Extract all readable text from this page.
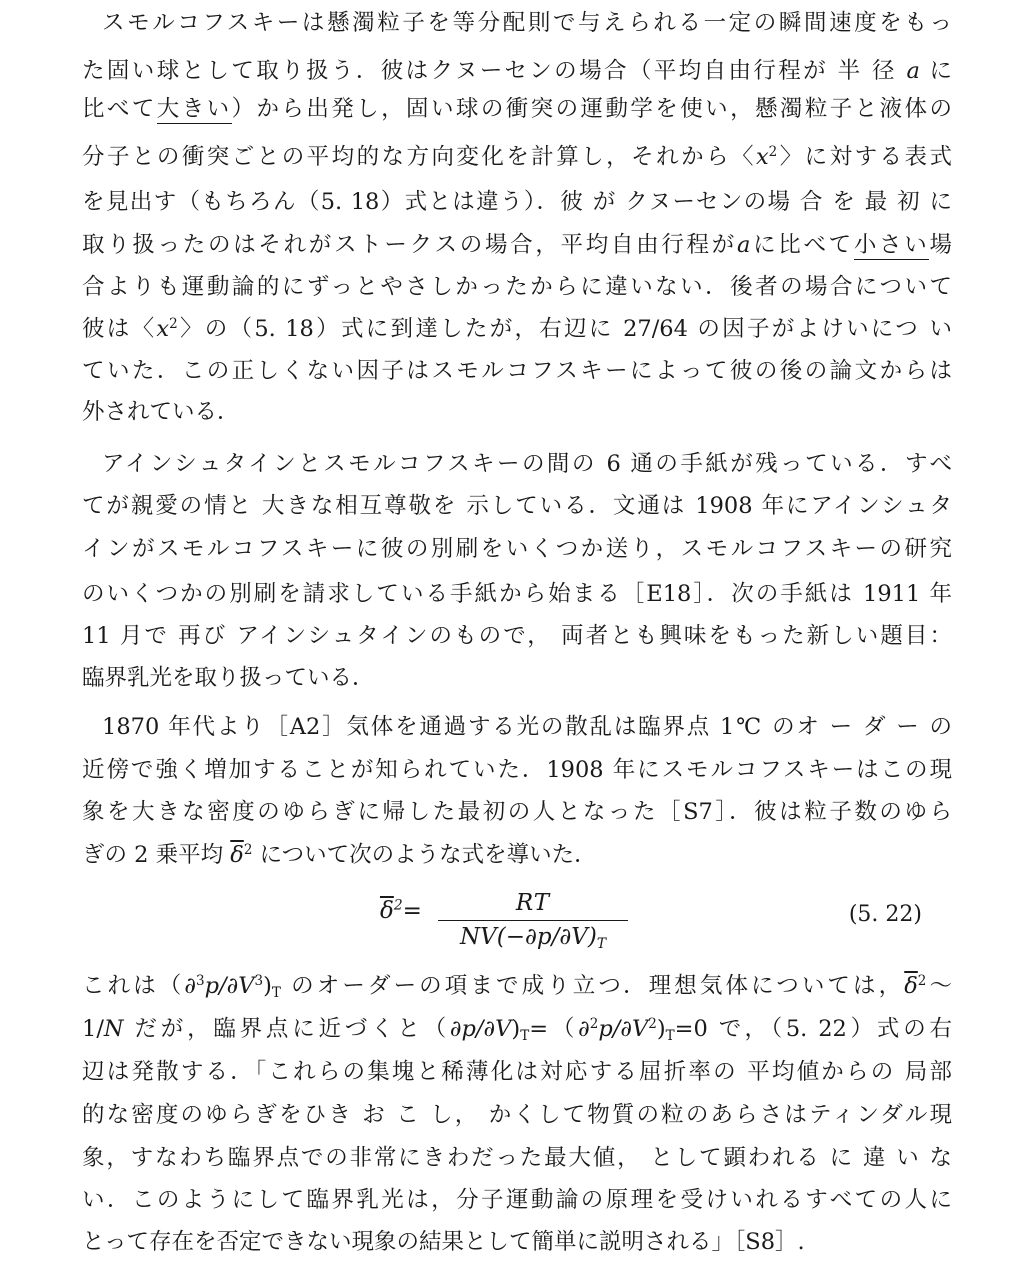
スモルコフスキーは懸濁粒子を等分配則で与えられる一定の瞬間速度をもっ
た固い球として取り扱う．彼はクヌーセンの場合（平均自由行程が 半 径 a に
比べて大きい）から出発し，固い球の衝突の運動学を使い，懸濁粒子と液体の
分子との衝突ごとの平均的な方向変化を計算し，それから〈$x^2$〉に対する表式
を見出す（もちろん（5. 18）式とは違う）．彼 が クヌーセンの場 合 を 最 初 に
取り扱ったのはそれがストークスの場合，平均自由行程がaに比べて小さい場
合よりも運動論的にずっとやさしかったからに違いない．後者の場合について
彼は〈$x^2$〉の（5. 18）式に到達したが，右辺に 27/64 の因子がよけいにつ い
ていた．この正しくない因子はスモルコフスキーによって彼の後の論文からは
外されている．
アインシュタインとスモルコフスキーの間の 6 通の手紙が残っている．すべ
てが親愛の情と 大きな相互尊敬を 示している．文通は 1908 年にアインシュタ
インがスモルコフスキーに彼の別刷をいくつか送り，スモルコフスキーの研究
のいくつかの別刷を請求している手紙から始まる［E18］．次の手紙は 1911 年
11 月で 再び アインシュタインのもので， 両者とも興味をもった新しい題目：
臨界乳光を取り扱っている．
1870 年代より［A2］気体を通過する光の散乱は臨界点 1℃ のオ ー ダ ー の
近傍で強く増加することが知られていた．1908 年にスモルコフスキーはこの現
象を大きな密度のゆらぎに帰した最初の人となった［S7］．彼は粒子数のゆら
ぎの 2 乗平均 $\overline{\delta}^2$ について次のような式を導いた．
$\overline{\delta}^2=$	RT
$NV(-\partial p/\partial V)_T$
(5. 22)
これは$(\partial^3p/\partial V^3)_T$ のオーダーの項まで成り立つ．理想気体については，$\overline{\delta}^2$〜
1/N だが，臨界点に近づくと$(\partial p/\partial V)_T=(\partial^2p/\partial V^2)_T=0$ で，（5. 22）式の右
辺は発散する．「これらの集塊と稀薄化は対応する屈折率の 平均値からの 局部
的な密度のゆらぎをひき お こ し， かくして物質の粒のあらさはティンダル現
象，すなわち臨界点での非常にきわだった最大値， として顕われる に 違 い な
い．このようにして臨界乳光は，分子運動論の原理を受けいれるすべての人に
とって存在を否定できない現象の結果として簡単に説明される」［S8］.
